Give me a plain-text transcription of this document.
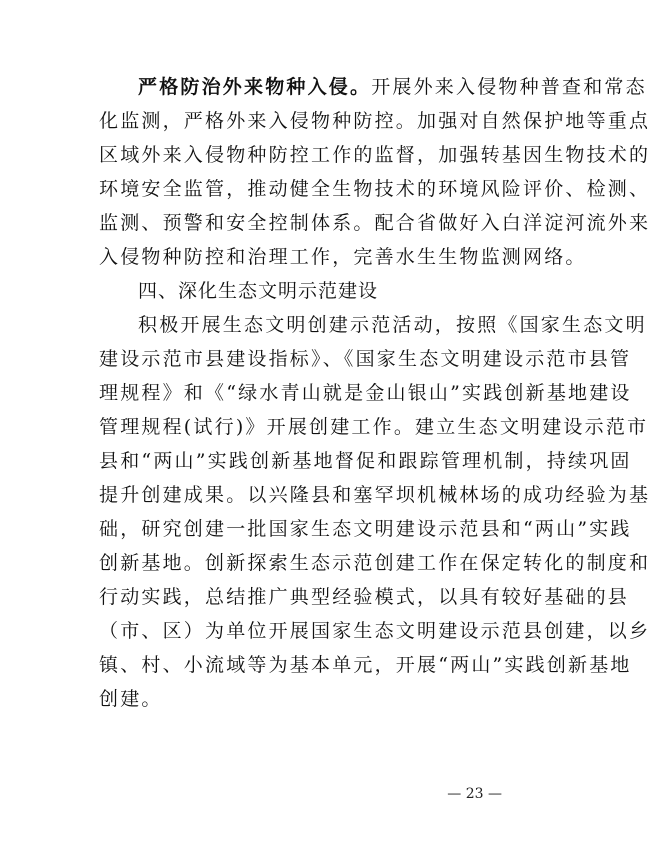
严格防治外来物种入侵。开展外来入侵物种普查和常态
化监测，严格外来入侵物种防控。加强对自然保护地等重点
区域外来入侵物种防控工作的监督，加强转基因生物技术的
环境安全监管，推动健全生物技术的环境风险评价、检测、
监测、预警和安全控制体系。配合省做好入白洋淀河流外来
入侵物种防控和治理工作，完善水生生物监测网络。
四、深化生态文明示范建设
积极开展生态文明创建示范活动，按照《国家生态文明
建设示范市县建设指标》、《国家生态文明建设示范市县管
理规程》和《“绿水青山就是金山银山”实践创新基地建设
管理规程(试行)》开展创建工作。建立生态文明建设示范市
县和“两山”实践创新基地督促和跟踪管理机制，持续巩固
提升创建成果。以兴隆县和塞罕坝机械林场的成功经验为基
础，研究创建一批国家生态文明建设示范县和“两山”实践
创新基地。创新探索生态示范创建工作在保定转化的制度和
行动实践，总结推广典型经验模式，以具有较好基础的县
（市、区）为单位开展国家生态文明建设示范县创建，以乡
镇、村、小流域等为基本单元，开展“两山”实践创新基地
创建。
— 23 —
